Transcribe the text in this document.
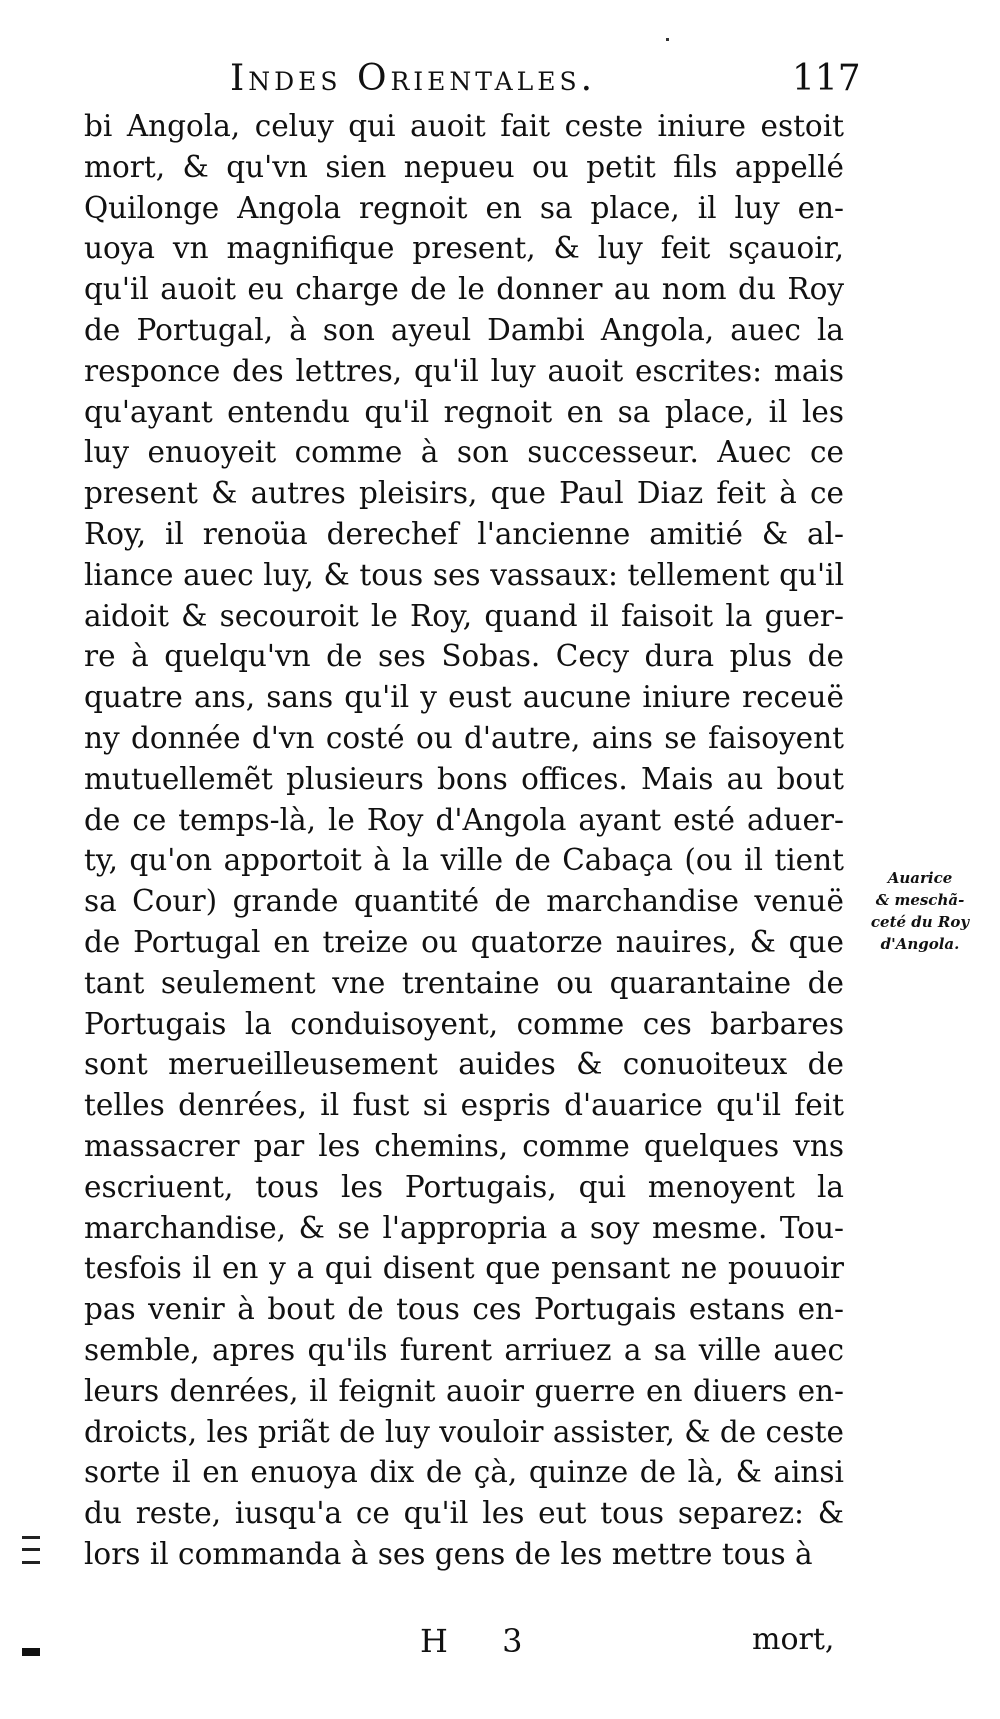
Indes Orientales.	117
bi Angola, celuy qui auoit fait ceste iniure estoit
mort, & qu'vn sien nepueu ou petit fils appellé
Quilonge Angola regnoit en sa place, il luy en-
uoya vn magnifique present, & luy feit sçauoir,
qu'il auoit eu charge de le donner au nom du Roy
de Portugal, à son ayeul Dambi Angola, auec la
responce des lettres, qu'il luy auoit escrites: mais
qu'ayant entendu qu'il regnoit en sa place, il les
luy enuoyeit comme à son successeur. Auec ce
present & autres pleisirs, que Paul Diaz feit à ce
Roy, il renoüa derechef l'ancienne amitié & al-
liance auec luy, & tous ses vassaux: tellement qu'il
aidoit & secouroit le Roy, quand il faisoit la guer-
re à quelqu'vn de ses Sobas. Cecy dura plus de
quatre ans, sans qu'il y eust aucune iniure receuë
ny donnée d'vn costé ou d'autre, ains se faisoyent
mutuellemẽt plusieurs bons offices. Mais au bout
de ce temps-là, le Roy d'Angola ayant esté aduer-
ty, qu'on apportoit à la ville de Cabaça (ou il tient
sa Cour) grande quantité de marchandise venuë
de Portugal en treize ou quatorze nauires, & que
tant seulement vne trentaine ou quarantaine de
Portugais la conduisoyent, comme ces barbares
sont merueilleusement auides & conuoiteux de
telles denrées, il fust si espris d'auarice qu'il feit
massacrer par les chemins, comme quelques vns
escriuent, tous les Portugais, qui menoyent la
marchandise, & se l'appropria a soy mesme. Tou-
tesfois il en y a qui disent que pensant ne pouuoir
pas venir à bout de tous ces Portugais estans en-
semble, apres qu'ils furent arriuez a sa ville auec
leurs denrées, il feignit auoir guerre en diuers en-
droicts, les priãt de luy vouloir assister, & de ceste
sorte il en enuoya dix de çà, quinze de là, & ainsi
du reste, iusqu'a ce qu'il les eut tous separez: &
lors il commanda à ses gens de les mettre tous à
Auarice
& meschã-
ceté du Roy
d'Angola.
H 3	mort,
